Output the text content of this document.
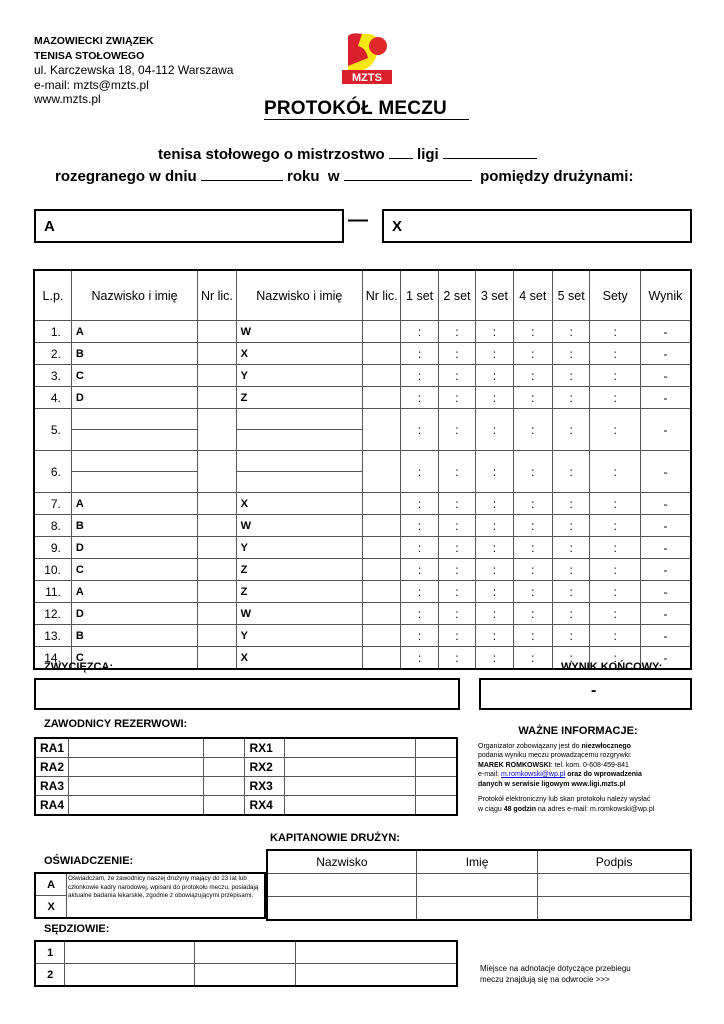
MAZOWIECKI ZWIĄZEK
TENISA STOŁOWEGO
ul. Karczewska 18, 04-112 Warszawa
e-mail: mzts@mzts.pl
www.mzts.pl
MZTS
PROTOKÓŁ MECZU
tenisa stołowego o mistrzostwo ligi
rozegranego w dniu	roku w	pomiędzy drużynami:
A	— X
L.p.	Nazwisko i imię	Nr lic.	Nazwisko i imię	Nr lic.	1 set	2 set	3 set	4 set	5 set	Sety	Wynik
1.	A		W		:	:	:	:	:	:	-
2.	B		X		:	:	:	:	:	:	-
3.	C		Y		:	:	:	:	:	:	-
4.	D		Z		:	:	:	:	:	:	-
5.					:	:	:	:	:	:	-
6.					:	:	:	:	:	:	-
7.	A		X		:	:	:	:	:	:	-
8.	B		W		:	:	:	:	:	:	-
9.	D		Y		:	:	:	:	:	:	-
10.	C		Z		:	:	:	:	:	:	-
11.	A		Z		:	:	:	:	:	:	-
12.	D		W		:	:	:	:	:	:	-
13.	B		Y		:	:	:	:	:	:	-
14.	C		X		:	:	:	:	:	:	-
ZWYCIĘZCA:	WYNIK KOŃCOWY:
-
ZAWODNICY REZERWOWI:
RA1			RX1		
RA2			RX2		
RA3			RX3		
RA4			RX4		
WAŻNE INFORMACJE:
Organizator zobowiązany jest do niezwłocznego
podania wyniku meczu prowadzącemu rozgrywki:
MAREK ROMKOWSKI: tel. kom. 0-608-459-841
e-mail: m.romkowski@wp.pl oraz do wprowadzenia
danych w serwisie ligowym www.ligi.mzts.pl
Protokół elektroniczny lub skan protokołu należy wysłać
w ciągu 48 godzin na adres e-mail: m.romkowski@wp.pl
KAPITANOWIE DRUŻYN:
Nazwisko	Imię	Podpis

OŚWIADCZENIE:
A	
X
Oświadczam, że zawodnicy naszej drużyny mający do 23 lat lub członkowie kadry narodowej, wpisani do protokołu meczu, posiadają aktualne badania lekarskie, zgodnie z obowiązującymi przepisami.
SĘDZIOWIE:
1			
2				Miejsce na adnotacje dotyczące przebiegu
meczu znajdują się na odwrocie >>>
